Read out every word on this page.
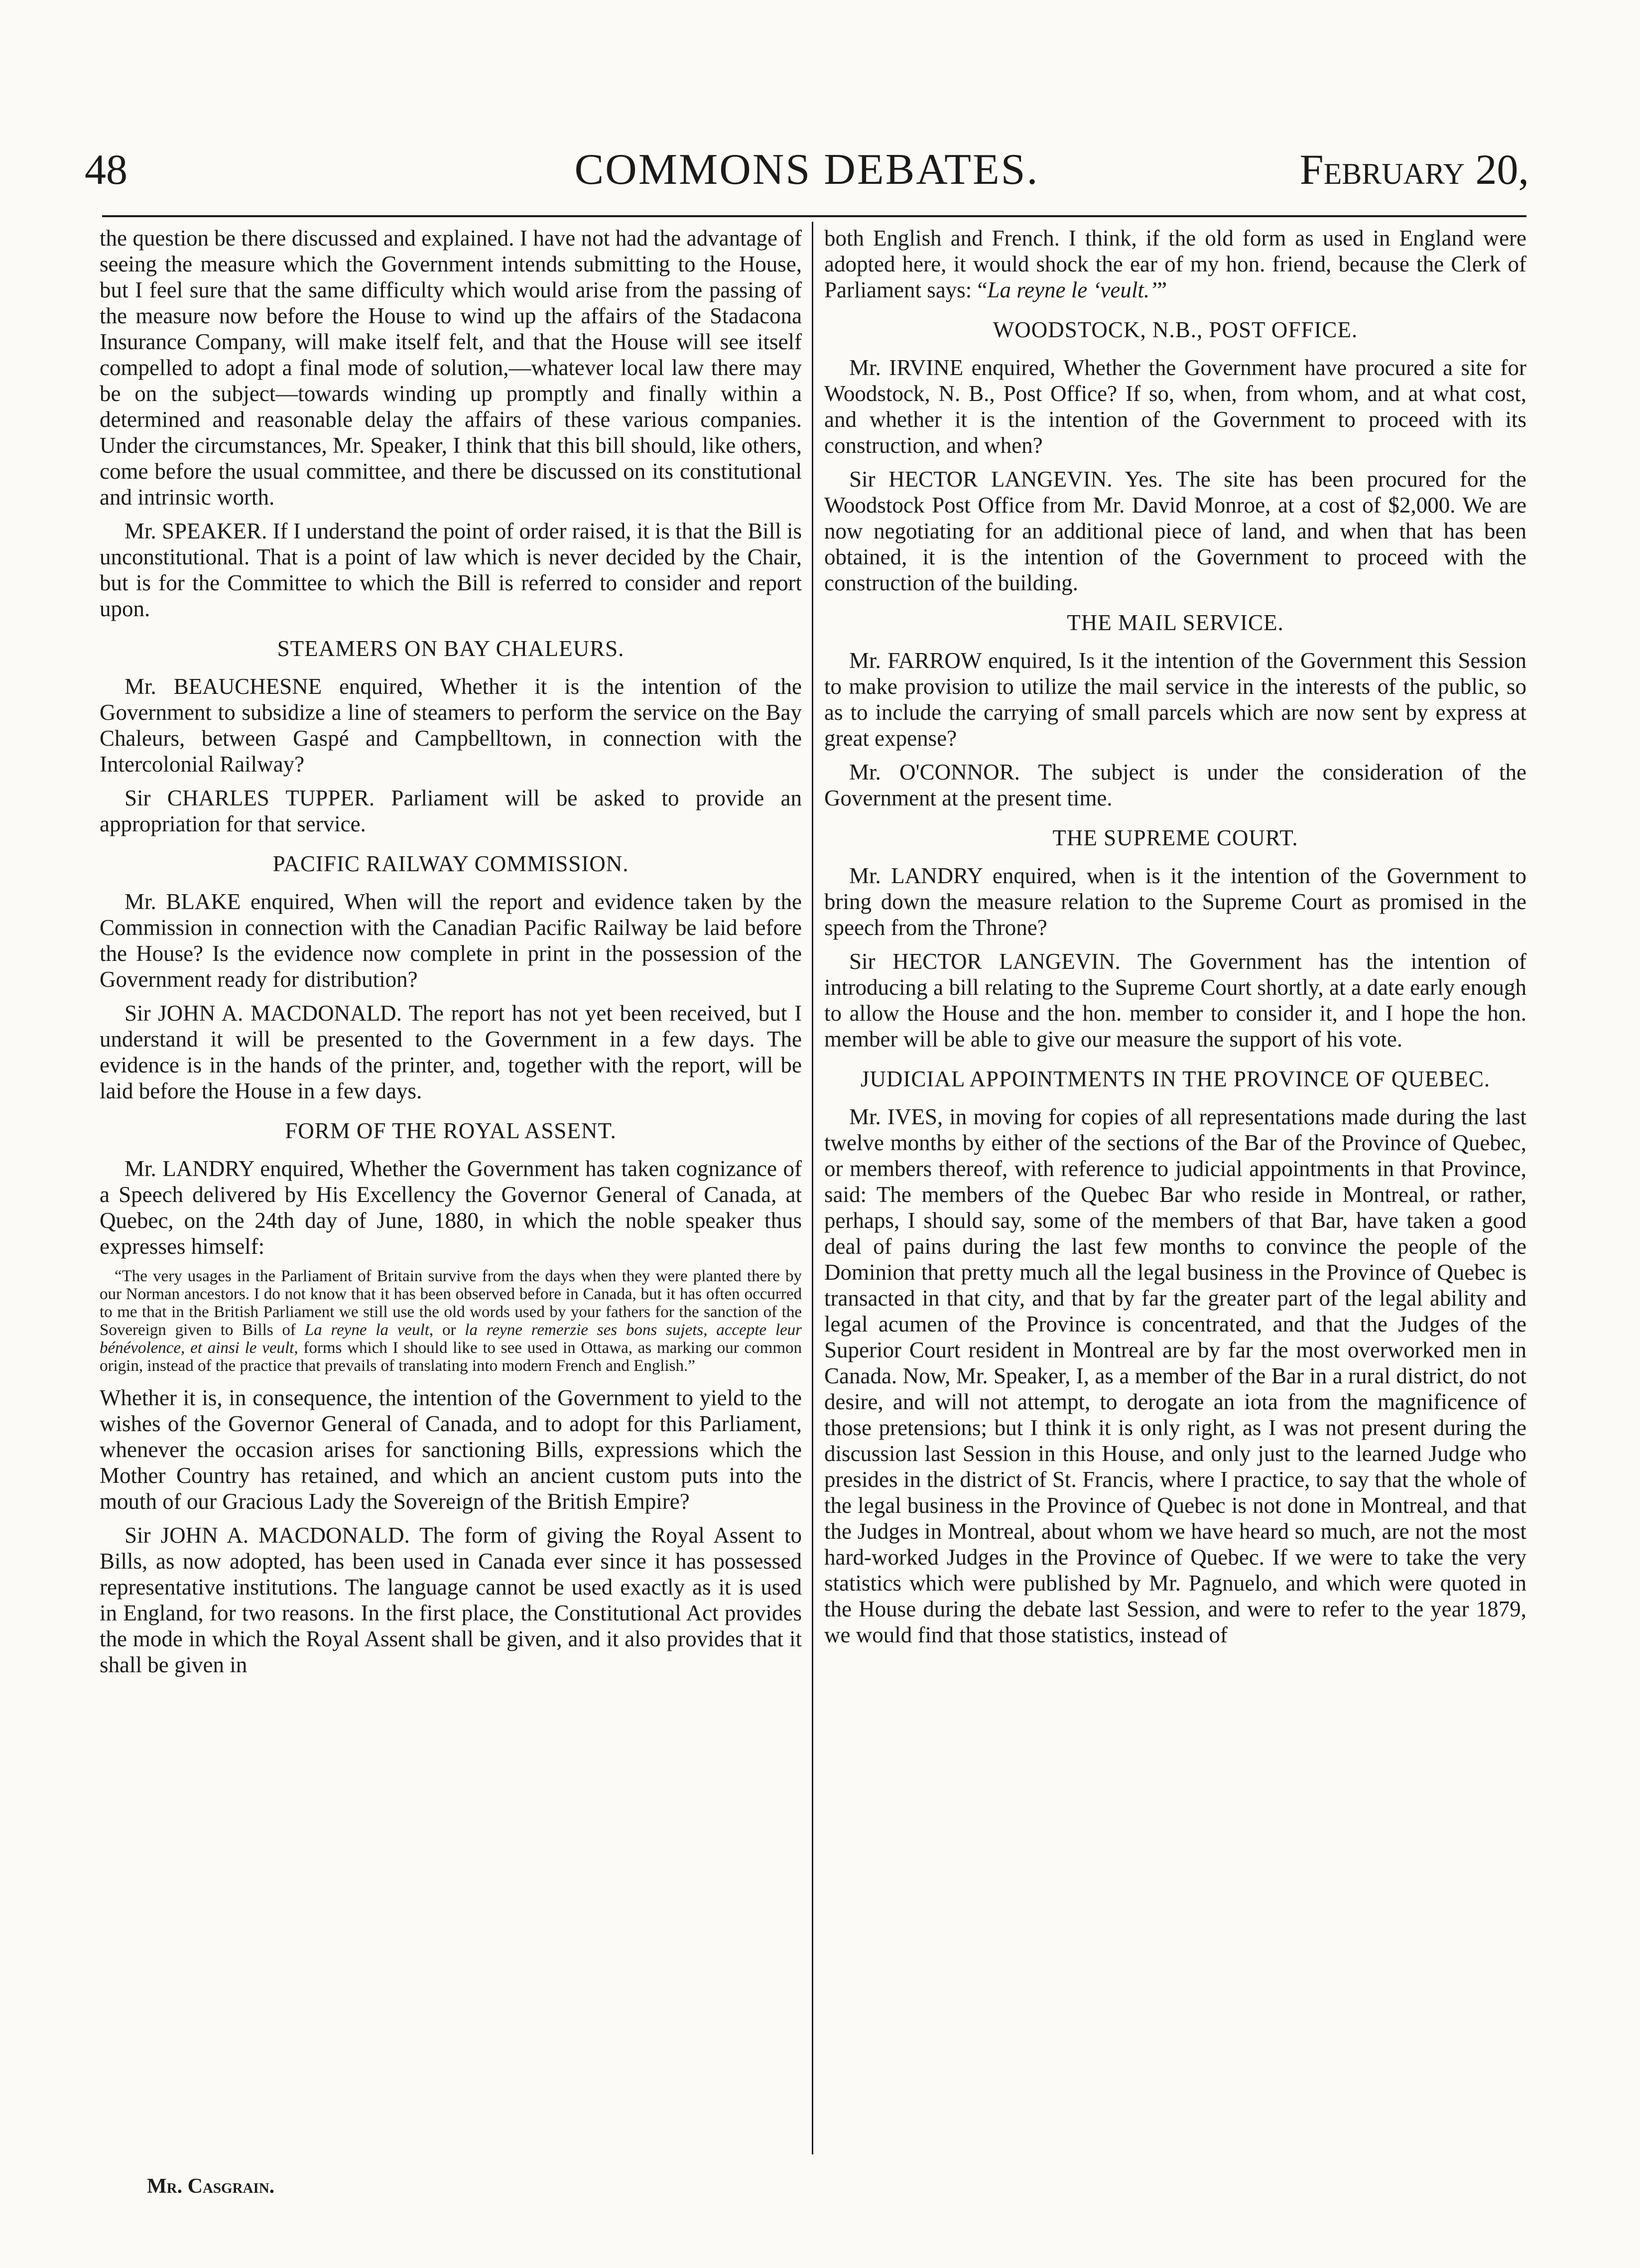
48	COMMONS DEBATES.	February 20,

the question be there discussed and explained. I have not had the advantage of seeing the measure which the Government intends submitting to the House, but I feel sure that the same difficulty which would arise from the passing of the measure now before the House to wind up the affairs of the Stadacona Insurance Company, will make itself felt, and that the House will see itself compelled to adopt a final mode of solution,—whatever local law there may be on the subject—towards winding up promptly and finally within a determined and reasonable delay the affairs of these various companies. Under the circumstances, Mr. Speaker, I think that this bill should, like others, come before the usual committee, and there be discussed on its constitutional and intrinsic worth.

Mr. SPEAKER. If I understand the point of order raised, it is that the Bill is unconstitutional. That is a point of law which is never decided by the Chair, but is for the Committee to which the Bill is referred to consider and report upon.

STEAMERS ON BAY CHALEURS.

Mr. BEAUCHESNE enquired, Whether it is the intention of the Government to subsidize a line of steamers to perform the service on the Bay Chaleurs, between Gaspé and Campbelltown, in connection with the Intercolonial Railway?

Sir CHARLES TUPPER. Parliament will be asked to provide an appropriation for that service.

PACIFIC RAILWAY COMMISSION.

Mr. BLAKE enquired, When will the report and evidence taken by the Commission in connection with the Canadian Pacific Railway be laid before the House? Is the evidence now complete in print in the possession of the Government ready for distribution?

Sir JOHN A. MACDONALD. The report has not yet been received, but I understand it will be presented to the Government in a few days. The evidence is in the hands of the printer, and, together with the report, will be laid before the House in a few days.

FORM OF THE ROYAL ASSENT.

Mr. LANDRY enquired, Whether the Government has taken cognizance of a Speech delivered by His Excellency the Governor General of Canada, at Quebec, on the 24th day of June, 1880, in which the noble speaker thus expresses himself:

“The very usages in the Parliament of Britain survive from the days when they were planted there by our Norman ancestors. I do not know that it has been observed before in Canada, but it has often occurred to me that in the British Parliament we still use the old words used by your fathers for the sanction of the Sovereign given to Bills of La reyne la veult, or la reyne remerzie ses bons sujets, accepte leur bénévolence, et ainsi le veult, forms which I should like to see used in Ottawa, as marking our common origin, instead of the practice that prevails of translating into modern French and English.”

Whether it is, in consequence, the intention of the Government to yield to the wishes of the Governor General of Canada, and to adopt for this Parliament, whenever the occasion arises for sanctioning Bills, expressions which the Mother Country has retained, and which an ancient custom puts into the mouth of our Gracious Lady the Sovereign of the British Empire?

Sir JOHN A. MACDONALD. The form of giving the Royal Assent to Bills, as now adopted, has been used in Canada ever since it has possessed representative institutions. The language cannot be used exactly as it is used in England, for two reasons. In the first place, the Constitutional Act provides the mode in which the Royal Assent shall be given, and it also provides that it shall be given in

both English and French. I think, if the old form as used in England were adopted here, it would shock the ear of my hon. friend, because the Clerk of Parliament says: “La reyne le ‘veult.’”

WOODSTOCK, N.B., POST OFFICE.

Mr. IRVINE enquired, Whether the Government have procured a site for Woodstock, N. B., Post Office? If so, when, from whom, and at what cost, and whether it is the intention of the Government to proceed with its construction, and when?

Sir HECTOR LANGEVIN. Yes. The site has been procured for the Woodstock Post Office from Mr. David Monroe, at a cost of $2,000. We are now negotiating for an additional piece of land, and when that has been obtained, it is the intention of the Government to proceed with the construction of the building.

THE MAIL SERVICE.

Mr. FARROW enquired, Is it the intention of the Government this Session to make provision to utilize the mail service in the interests of the public, so as to include the carrying of small parcels which are now sent by express at great expense?

Mr. O'CONNOR. The subject is under the consideration of the Government at the present time.

THE SUPREME COURT.

Mr. LANDRY enquired, when is it the intention of the Government to bring down the measure relation to the Supreme Court as promised in the speech from the Throne?

Sir HECTOR LANGEVIN. The Government has the intention of introducing a bill relating to the Supreme Court shortly, at a date early enough to allow the House and the hon. member to consider it, and I hope the hon. member will be able to give our measure the support of his vote.

JUDICIAL APPOINTMENTS IN THE PROVINCE OF QUEBEC.

Mr. IVES, in moving for copies of all representations made during the last twelve months by either of the sections of the Bar of the Province of Quebec, or members thereof, with reference to judicial appointments in that Province, said: The members of the Quebec Bar who reside in Montreal, or rather, perhaps, I should say, some of the members of that Bar, have taken a good deal of pains during the last few months to convince the people of the Dominion that pretty much all the legal business in the Province of Quebec is transacted in that city, and that by far the greater part of the legal ability and legal acumen of the Province is concentrated, and that the Judges of the Superior Court resident in Montreal are by far the most overworked men in Canada. Now, Mr. Speaker, I, as a member of the Bar in a rural district, do not desire, and will not attempt, to derogate an iota from the magnificence of those pretensions; but I think it is only right, as I was not present during the discussion last Session in this House, and only just to the learned Judge who presides in the district of St. Francis, where I practice, to say that the whole of the legal business in the Province of Quebec is not done in Montreal, and that the Judges in Montreal, about whom we have heard so much, are not the most hard-worked Judges in the Province of Quebec. If we were to take the very statistics which were published by Mr. Pagnuelo, and which were quoted in the House during the debate last Session, and were to refer to the year 1879, we would find that those statistics, instead of

Mr. Casgrain.
